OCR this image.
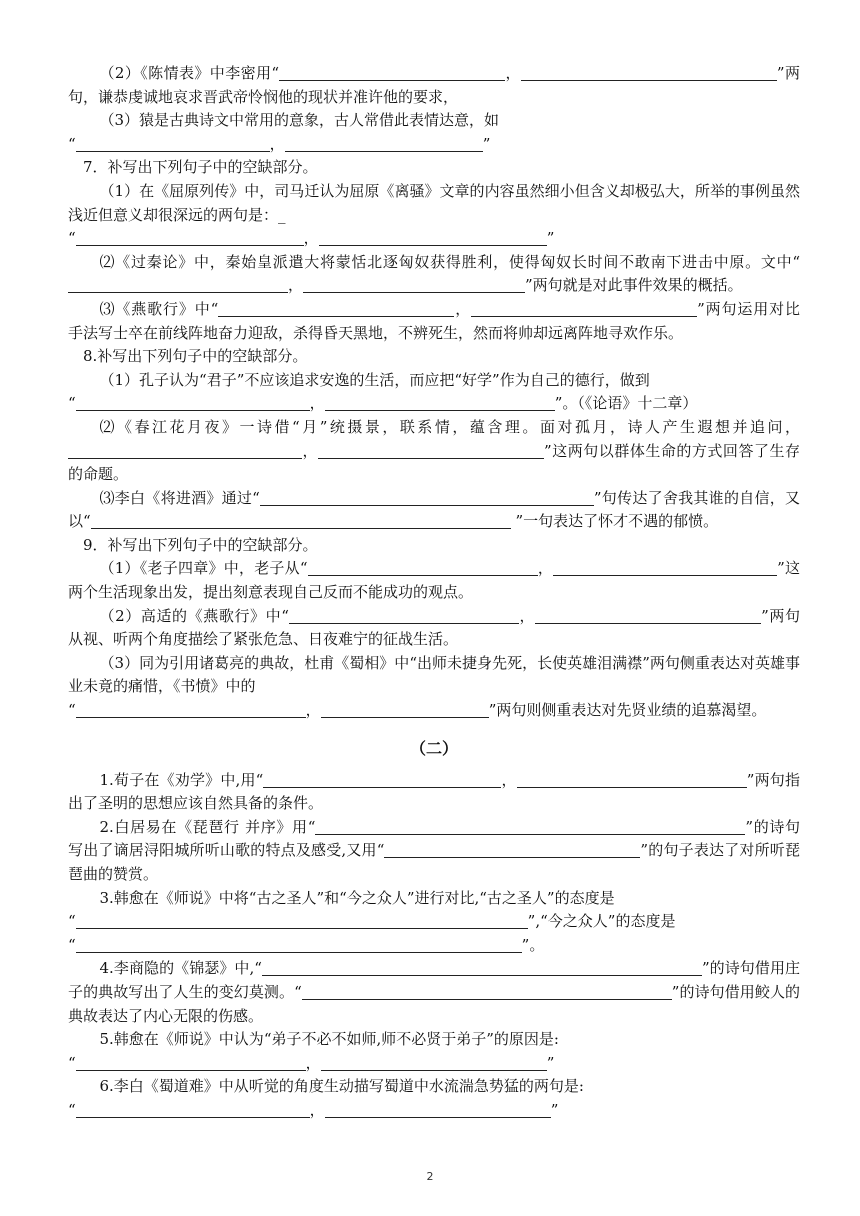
（2）《陈情表》中李密用“	，	”两句，谦恭虔诚地哀求晋武帝怜悯他的现状并准许他的要求，

（3）猿是古典诗文中常用的意象，古人常借此表情达意，如

“	，	”

7．补写出下列句子中的空缺部分。

（1）在《屈原列传》中，司马迁认为屈原《离骚》文章的内容虽然细小但含义却极弘大，所举的事例虽然浅近但意义却很深远的两句是：_

“	，	”

⑵《过秦论》中，秦始皇派遣大将蒙恬北逐匈奴获得胜利，使得匈奴长时间不敢南下进击中原。文中“，	”两句就是对此事件效果的概括。

⑶《燕歌行》中“	，	”两句运用对比手法写士卒在前线阵地奋力迎敌，杀得昏天黑地，不辨死生，然而将帅却远离阵地寻欢作乐。

8.补写出下列句子中的空缺部分。

（1）孔子认为“君子”不应该追求安逸的生活，而应把“好学”作为自己的德行，做到

“	，	”。（《论语》十二章）

⑵《春江花月夜》一诗借“月”统摄景，联系情，蕴含理。面对孤月，诗人产生遐想并追问，，	”这两句以群体生命的方式回答了生存的命题。

⑶李白《将进酒》通过“	”句传达了舍我其谁的自信，又以“	”一句表达了怀才不遇的郁愤。

9．补写出下列句子中的空缺部分。

（1）《老子四章》中，老子从“	，	”这两个生活现象出发，提出刻意表现自己反而不能成功的观点。

（2）高适的《燕歌行》中“	，	”两句从视、听两个角度描绘了紧张危急、日夜难宁的征战生活。

（3）同为引用诸葛亮的典故，杜甫《蜀相》中“出师未捷身先死，长使英雄泪满襟”两句侧重表达对英雄事业未竟的痛惜，《书愤》中的

“	，	”两句则侧重表达对先贤业绩的追慕渴望。

（二）

1.荀子在《劝学》中,用“	，	”两句指出了圣明的思想应该自然具备的条件。

2.白居易在《琵琶行 并序》用“	”的诗句写出了谪居浔阳城所听山歌的特点及感受,又用“	”的句子表达了对所听琵琶曲的赞赏。

3.韩愈在《师说》中将“古之圣人”和“今之众人”进行对比,“古之圣人”的态度是

“	”,“今之众人”的态度是

“	”。

4.李商隐的《锦瑟》中,“	”的诗句借用庄子的典故写出了人生的变幻莫测。“	”的诗句借用鲛人的典故表达了内心无限的伤感。

5.韩愈在《师说》中认为“弟子不必不如师,师不必贤于弟子”的原因是:

“	，	”

6.李白《蜀道难》中从听觉的角度生动描写蜀道中水流湍急势猛的两句是:

“	，	”

2
